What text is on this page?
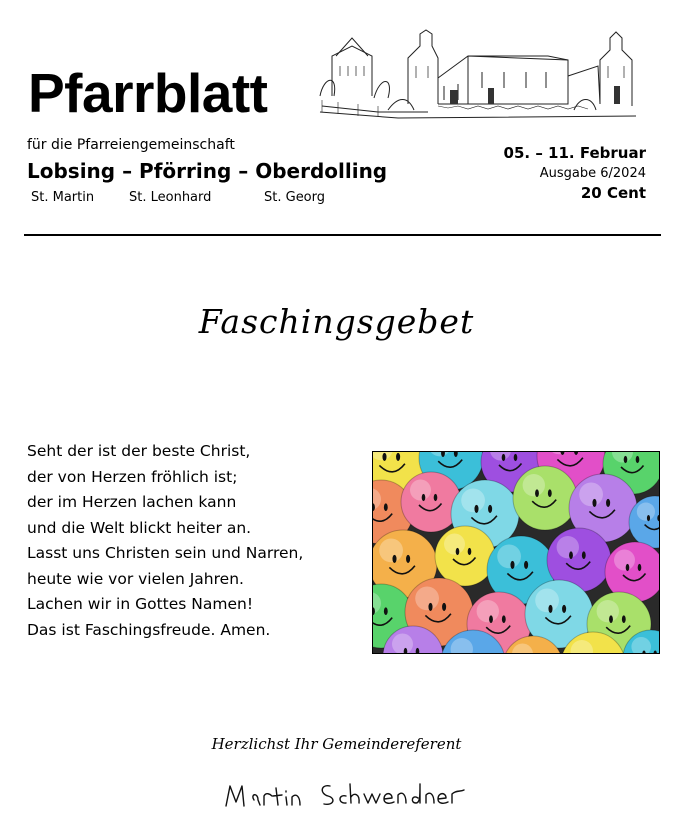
Pfarrblatt
für die Pfarreiengemeinschaft
Lobsing – Pförring – Oberdolling
St. Martin	St. Leonhard	St. Georg
05. – 11. Februar
Ausgabe 6/2024
20 Cent
Faschingsgebet
Seht der ist der beste Christ,
der von Herzen fröhlich ist;
der im Herzen lachen kann
und die Welt blickt heiter an.
Lasst uns Christen sein und Narren,
heute wie vor vielen Jahren.
Lachen wir in Gottes Namen!
Das ist Faschingsfreude. Amen.
Herzlichst Ihr Gemeindereferent
